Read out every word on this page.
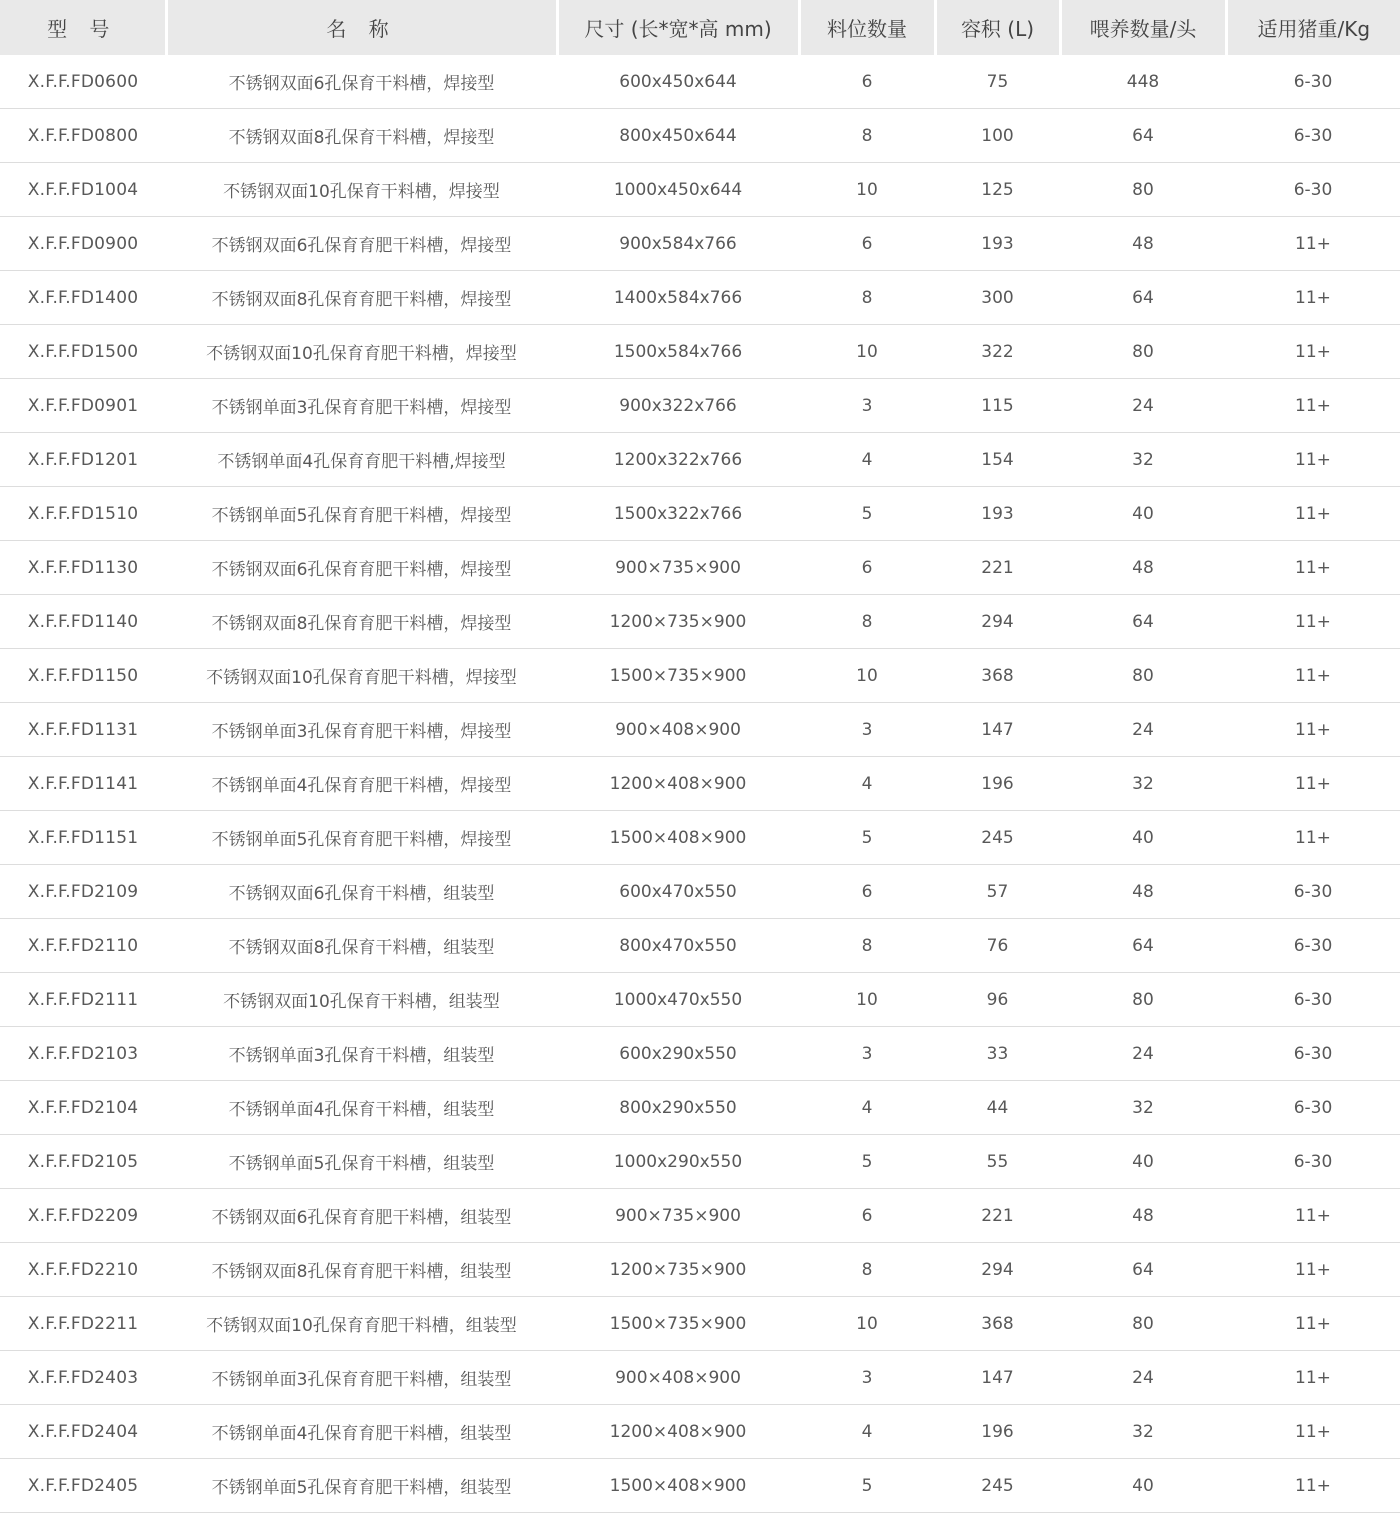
型 号	名 称	尺寸 (长*宽*高 mm)	料位数量	容积 (L)	喂养数量/头	适用猪重/Kg
X.F.F.FD0600	不锈钢双面6孔保育干料槽，焊接型	600x450x644	6	75	448	6-30
X.F.F.FD0800	不锈钢双面8孔保育干料槽，焊接型	800x450x644	8	100	64	6-30
X.F.F.FD1004	不锈钢双面10孔保育干料槽，焊接型	1000x450x644	10	125	80	6-30
X.F.F.FD0900	不锈钢双面6孔保育育肥干料槽，焊接型	900x584x766	6	193	48	11+
X.F.F.FD1400	不锈钢双面8孔保育育肥干料槽，焊接型	1400x584x766	8	300	64	11+
X.F.F.FD1500	不锈钢双面10孔保育育肥干料槽，焊接型	1500x584x766	10	322	80	11+
X.F.F.FD0901	不锈钢单面3孔保育育肥干料槽，焊接型	900x322x766	3	115	24	11+
X.F.F.FD1201	不锈钢单面4孔保育育肥干料槽,焊接型	1200x322x766	4	154	32	11+
X.F.F.FD1510	不锈钢单面5孔保育育肥干料槽，焊接型	1500x322x766	5	193	40	11+
X.F.F.FD1130	不锈钢双面6孔保育育肥干料槽，焊接型	900×735×900	6	221	48	11+
X.F.F.FD1140	不锈钢双面8孔保育育肥干料槽，焊接型	1200×735×900	8	294	64	11+
X.F.F.FD1150	不锈钢双面10孔保育育肥干料槽，焊接型	1500×735×900	10	368	80	11+
X.F.F.FD1131	不锈钢单面3孔保育育肥干料槽，焊接型	900×408×900	3	147	24	11+
X.F.F.FD1141	不锈钢单面4孔保育育肥干料槽，焊接型	1200×408×900	4	196	32	11+
X.F.F.FD1151	不锈钢单面5孔保育育肥干料槽，焊接型	1500×408×900	5	245	40	11+
X.F.F.FD2109	不锈钢双面6孔保育干料槽，组装型	600x470x550	6	57	48	6-30
X.F.F.FD2110	不锈钢双面8孔保育干料槽，组装型	800x470x550	8	76	64	6-30
X.F.F.FD2111	不锈钢双面10孔保育干料槽，组装型	1000x470x550	10	96	80	6-30
X.F.F.FD2103	不锈钢单面3孔保育干料槽，组装型	600x290x550	3	33	24	6-30
X.F.F.FD2104	不锈钢单面4孔保育干料槽，组装型	800x290x550	4	44	32	6-30
X.F.F.FD2105	不锈钢单面5孔保育干料槽，组装型	1000x290x550	5	55	40	6-30
X.F.F.FD2209	不锈钢双面6孔保育育肥干料槽，组装型	900×735×900	6	221	48	11+
X.F.F.FD2210	不锈钢双面8孔保育育肥干料槽，组装型	1200×735×900	8	294	64	11+
X.F.F.FD2211	不锈钢双面10孔保育育肥干料槽，组装型	1500×735×900	10	368	80	11+
X.F.F.FD2403	不锈钢单面3孔保育育肥干料槽，组装型	900×408×900	3	147	24	11+
X.F.F.FD2404	不锈钢单面4孔保育育肥干料槽，组装型	1200×408×900	4	196	32	11+
X.F.F.FD2405	不锈钢单面5孔保育育肥干料槽，组装型	1500×408×900	5	245	40	11+
